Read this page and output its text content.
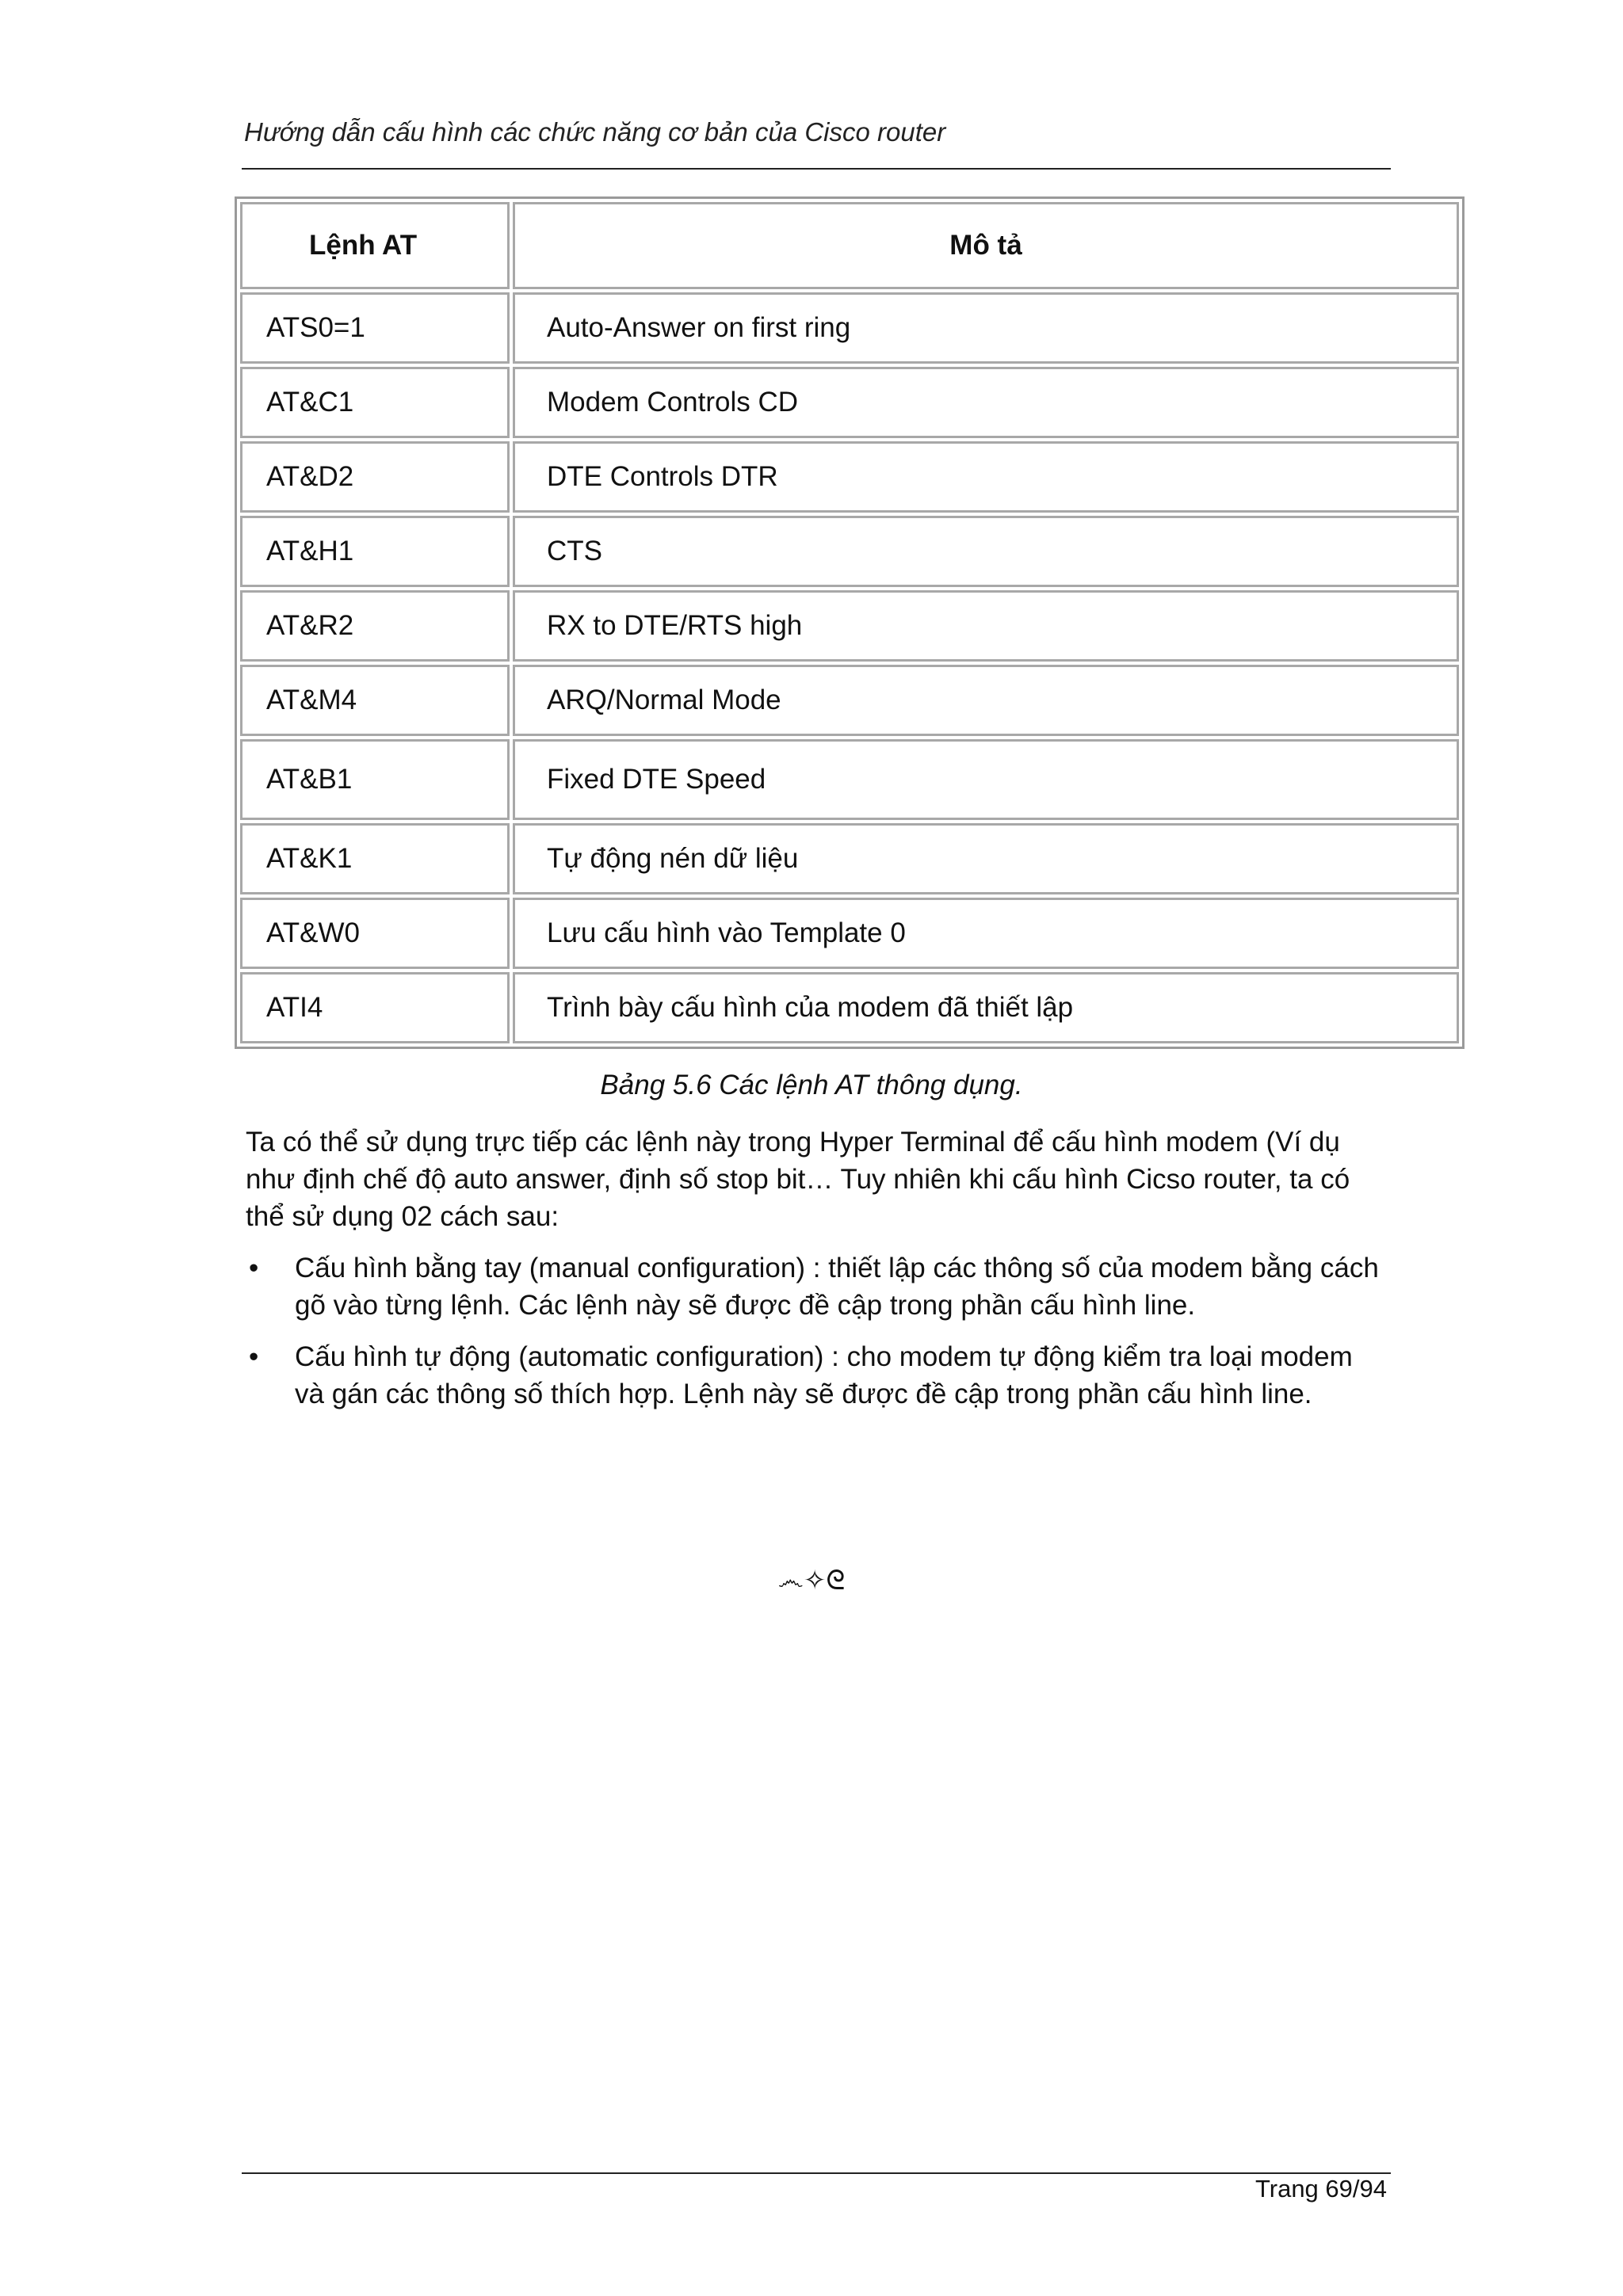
Hướng dẫn cấu hình các chức năng cơ bản của Cisco router
Lệnh AT	Mô tả
ATS0=1	Auto-Answer on first ring
AT&C1	Modem Controls CD
AT&D2	DTE Controls DTR
AT&H1	CTS
AT&R2	RX to DTE/RTS high
AT&M4	ARQ/Normal Mode
AT&B1	Fixed DTE Speed
AT&K1	Tự động nén dữ liệu
AT&W0	Lưu cấu hình vào Template 0
ATI4	Trình bày cấu hình của modem đã thiết lập
Bảng 5.6 Các lệnh AT thông dụng.

Ta có thể sử dụng trực tiếp các lệnh này trong Hyper Terminal để cấu hình modem (Ví dụ như định chế độ auto answer, định số stop bit… Tuy nhiên khi cấu hình Cicso router, ta có thể sử dụng 02 cách sau:

• Cấu hình bằng tay (manual configuration) : thiết lập các thông số của modem bằng cách gõ vào từng lệnh. Các lệnh này sẽ được đề cập trong phần cấu hình line.
• Cấu hình tự động (automatic configuration) : cho modem tự động kiểm tra loại modem và gán các thông số thích hợp. Lệnh này sẽ được đề cập trong phần cấu hình line.
෴✧ᘓ
Trang 69/94
